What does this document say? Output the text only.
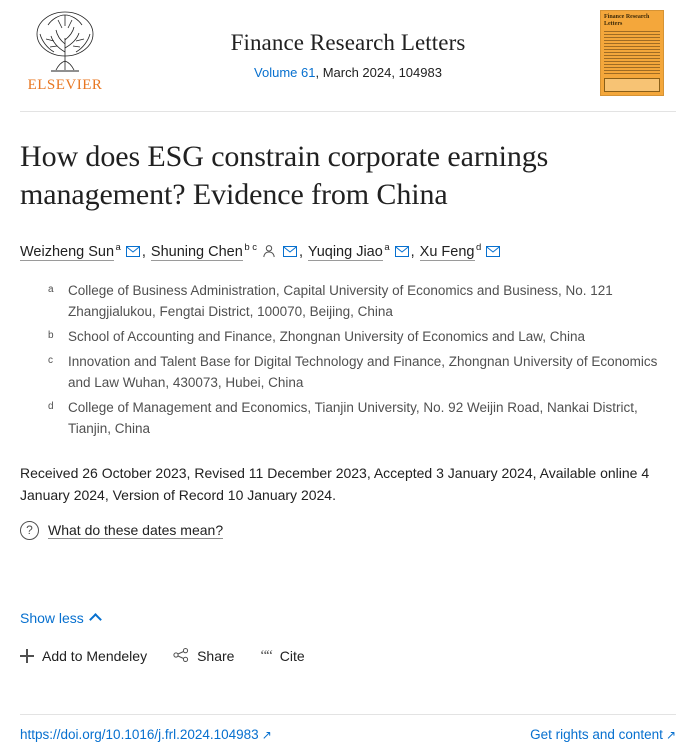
ELSEVIER
Finance Research Letters
Volume 61, March 2024, 104983
Finance Research Letters
How does ESG constrain corporate earnings management? Evidence from China
Weizheng Sun $^a$ , Shuning Chen $^{b c}$	, Yuqing Jiao $^a$ , Xu Feng $^d$
a College of Business Administration, Capital University of Economics and Business, No. 121 Zhangjialukou, Fengtai District, 100070, Beijing, China
b School of Accounting and Finance, Zhongnan University of Economics and Law, China
c Innovation and Talent Base for Digital Technology and Finance, Zhongnan University of Economics and Law Wuhan, 430073, Hubei, China
d College of Management and Economics, Tianjin University, No. 92 Weijin Road, Nankai District, Tianjin, China
Received 26 October 2023, Revised 11 December 2023, Accepted 3 January 2024, Available online 4 January 2024, Version of Record 10 January 2024.
?	What do these dates mean?
Show less
Add to Mendeley	Share ““ Cite
https://doi.org/10.1016/j.frl.2024.104983 ↗	Get rights and content ↗
